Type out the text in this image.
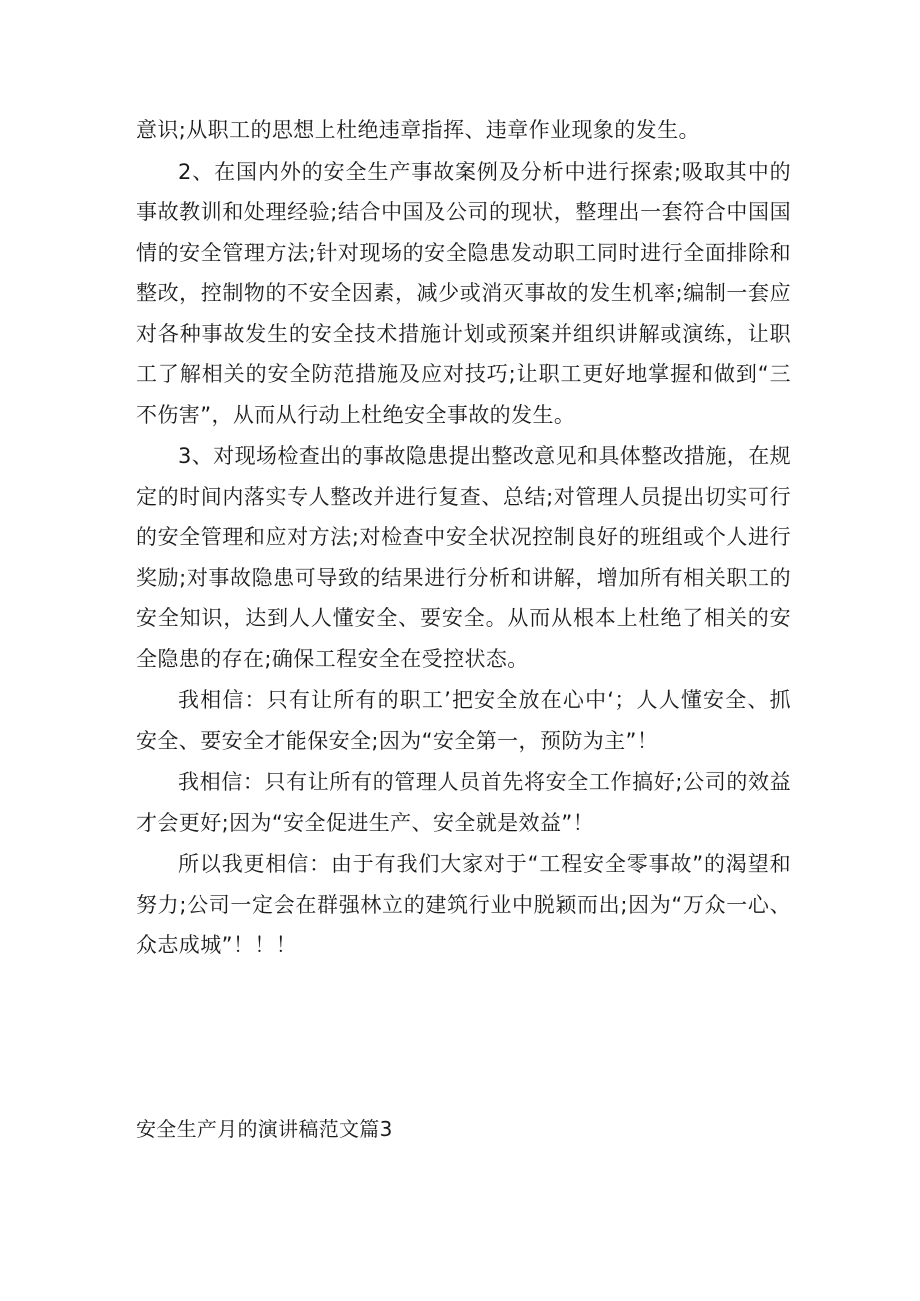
意识;从职工的思想上杜绝违章指挥、违章作业现象的发生。

2、在国内外的安全生产事故案例及分析中进行探索;吸取其中的事故教训和处理经验;结合中国及公司的现状，整理出一套符合中国国情的安全管理方法;针对现场的安全隐患发动职工同时进行全面排除和整改，控制物的不安全因素，减少或消灭事故的发生机率;编制一套应对各种事故发生的安全技术措施计划或预案并组织讲解或演练，让职工了解相关的安全防范措施及应对技巧;让职工更好地掌握和做到“三不伤害”，从而从行动上杜绝安全事故的发生。

3、对现场检查出的事故隐患提出整改意见和具体整改措施，在规定的时间内落实专人整改并进行复查、总结;对管理人员提出切实可行的安全管理和应对方法;对检查中安全状况控制良好的班组或个人进行奖励;对事故隐患可导致的结果进行分析和讲解，增加所有相关职工的安全知识，达到人人懂安全、要安全。从而从根本上杜绝了相关的安全隐患的存在;确保工程安全在受控状态。

我相信：只有让所有的职工’把安全放在心中‘；人人懂安全、抓安全、要安全才能保安全;因为“安全第一，预防为主”！

我相信：只有让所有的管理人员首先将安全工作搞好;公司的效益才会更好;因为“安全促进生产、安全就是效益”！

所以我更相信：由于有我们大家对于“工程安全零事故”的渴望和努力;公司一定会在群强林立的建筑行业中脱颖而出;因为“万众一心、众志成城”！！！

安全生产月的演讲稿范文篇3
